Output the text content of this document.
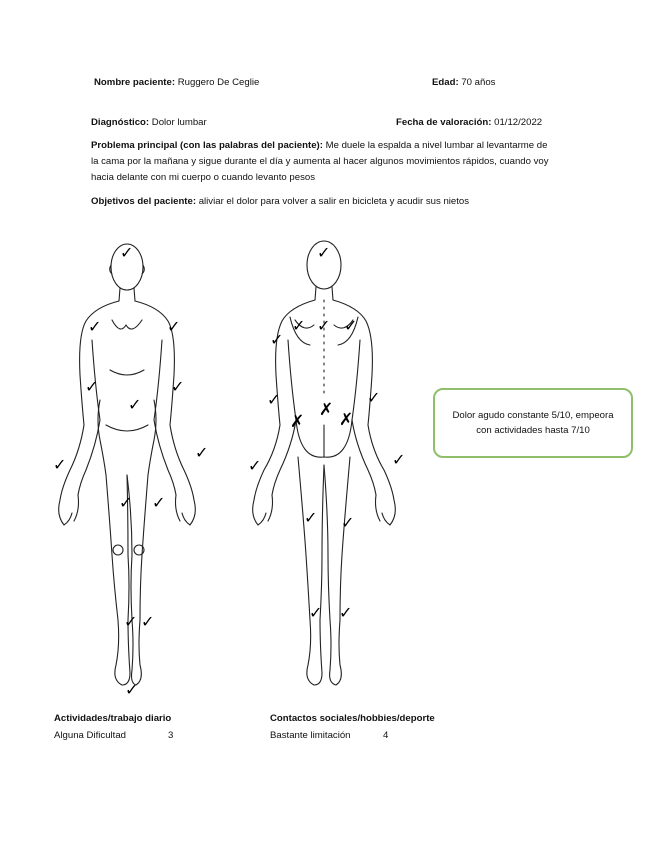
Nombre paciente: Ruggero De Ceglie	Edad: 70 años
Diagnóstico: Dolor lumbar	Fecha de valoración: 01/12/2022
Problema principal (con las palabras del paciente): Me duele la espalda a nivel lumbar al levantarme de la cama por la mañana y sigue durante el día y aumenta al hacer algunos movimientos rápidos, cuando voy hacia delante con mi cuerpo o cuando levanto pesos
Objetivos del paciente: aliviar el dolor para volver a salir en bicicleta y acudir sus nietos
✓
✓	✓
✓
✓
✓
✓
✓
✓ ✓
✓ ✓
✓
✓
✓ ✓ ✓
✓
✓	✓
✓	✓
✓ ✓
✓ ✓
✗
✗ ✗	Dolor agudo constante 5/10, empeora con actividades hasta 7/10
Actividades/trabajo diario
Alguna Dificultad	3
Contactos sociales/hobbies/deporte
Bastante limitación	4
